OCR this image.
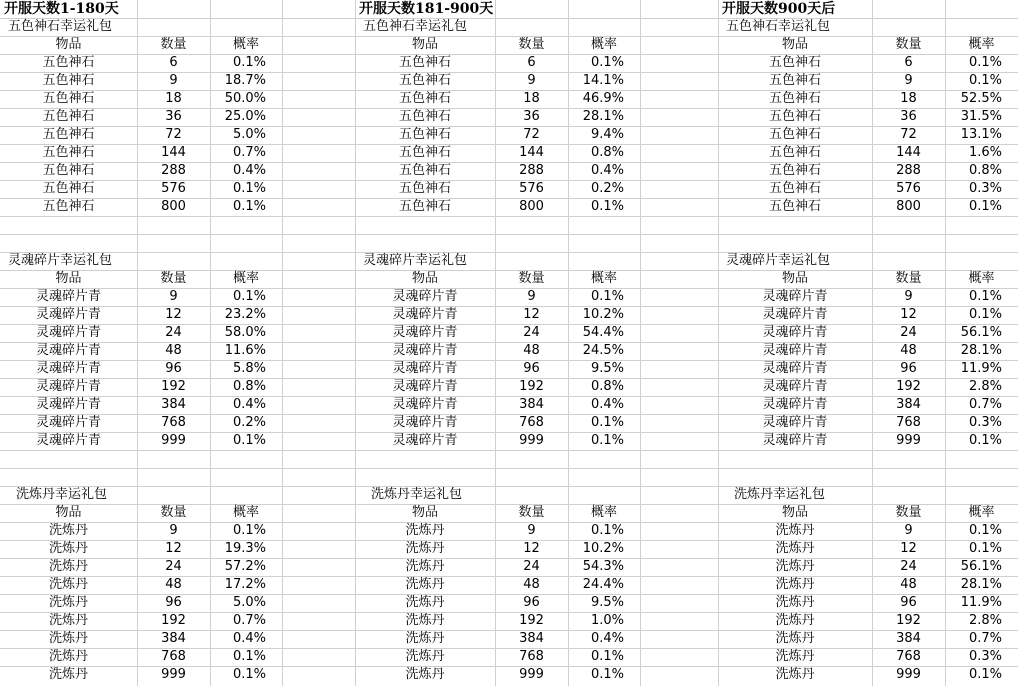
开服天数1-180天
五色神石幸运礼包
物品	数量	概率
五色神石	6	0.1%
五色神石	9	18.7%
五色神石	18	50.0%
五色神石	36	25.0%
五色神石	72	5.0%
五色神石	144	0.7%
五色神石	288	0.4%
五色神石	576	0.1%
五色神石	800	0.1%
灵魂碎片幸运礼包
物品	数量	概率
灵魂碎片青	9	0.1%
灵魂碎片青	12	23.2%
灵魂碎片青	24	58.0%
灵魂碎片青	48	11.6%
灵魂碎片青	96	5.8%
灵魂碎片青	192	0.8%
灵魂碎片青	384	0.4%
灵魂碎片青	768	0.2%
灵魂碎片青	999	0.1%
洗炼丹幸运礼包
物品	数量	概率
洗炼丹	9	0.1%
洗炼丹	12	19.3%
洗炼丹	24	57.2%
洗炼丹	48	17.2%
洗炼丹	96	5.0%
洗炼丹	192	0.7%
洗炼丹	384	0.4%
洗炼丹	768	0.1%
洗炼丹	999	0.1%
开服天数181-900天
五色神石幸运礼包
物品	数量	概率
五色神石	6	0.1%
五色神石	9	14.1%
五色神石	18	46.9%
五色神石	36	28.1%
五色神石	72	9.4%
五色神石	144	0.8%
五色神石	288	0.4%
五色神石	576	0.2%
五色神石	800	0.1%
灵魂碎片幸运礼包
物品	数量	概率
灵魂碎片青	9	0.1%
灵魂碎片青	12	10.2%
灵魂碎片青	24	54.4%
灵魂碎片青	48	24.5%
灵魂碎片青	96	9.5%
灵魂碎片青	192	0.8%
灵魂碎片青	384	0.4%
灵魂碎片青	768	0.1%
灵魂碎片青	999	0.1%
洗炼丹幸运礼包
物品	数量	概率
洗炼丹	9	0.1%
洗炼丹	12	10.2%
洗炼丹	24	54.3%
洗炼丹	48	24.4%
洗炼丹	96	9.5%
洗炼丹	192	1.0%
洗炼丹	384	0.4%
洗炼丹	768	0.1%
洗炼丹	999	0.1%
开服天数900天后
五色神石幸运礼包
物品	数量	概率
五色神石	6	0.1%
五色神石	9	0.1%
五色神石	18	52.5%
五色神石	36	31.5%
五色神石	72	13.1%
五色神石	144	1.6%
五色神石	288	0.8%
五色神石	576	0.3%
五色神石	800	0.1%
灵魂碎片幸运礼包
物品	数量	概率
灵魂碎片青	9	0.1%
灵魂碎片青	12	0.1%
灵魂碎片青	24	56.1%
灵魂碎片青	48	28.1%
灵魂碎片青	96	11.9%
灵魂碎片青	192	2.8%
灵魂碎片青	384	0.7%
灵魂碎片青	768	0.3%
灵魂碎片青	999	0.1%
洗炼丹幸运礼包
物品	数量	概率
洗炼丹	9	0.1%
洗炼丹	12	0.1%
洗炼丹	24	56.1%
洗炼丹	48	28.1%
洗炼丹	96	11.9%
洗炼丹	192	2.8%
洗炼丹	384	0.7%
洗炼丹	768	0.3%
洗炼丹	999	0.1%
